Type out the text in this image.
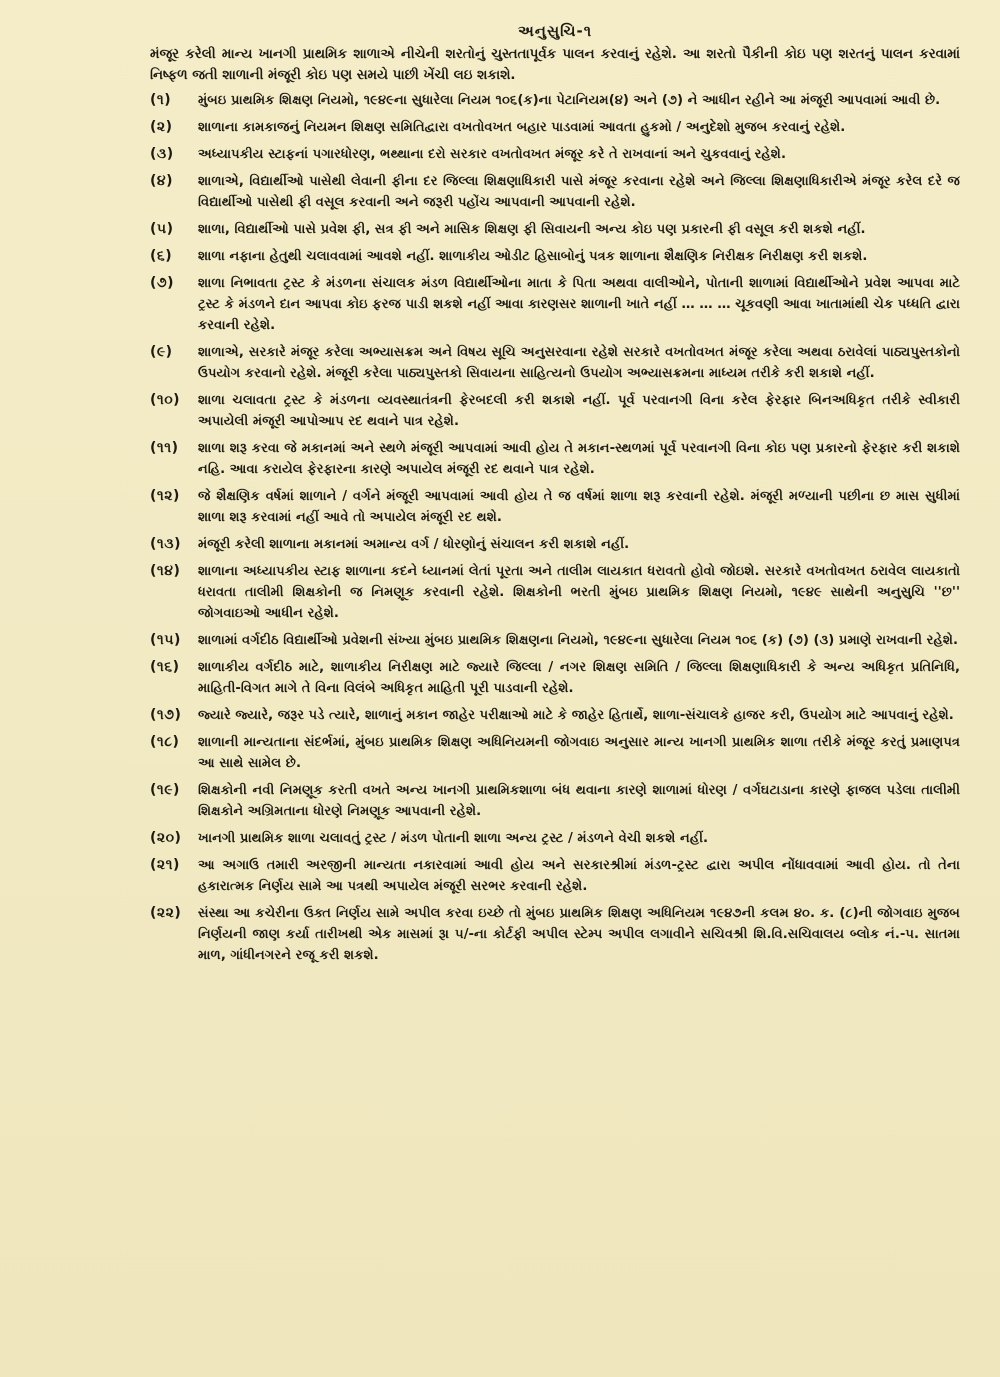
અનુસુચિ-૧
મંજૂર કરેલી માન્ય ખાનગી પ્રાથમિક શાળાએ નીચેની શરતોનું ચુસ્તતાપૂર્વક પાલન કરવાનું રહેશે. આ શરતો પૈકીની કોઇ પણ શરતનું પાલન કરવામાં નિષ્ફળ જતી શાળાની મંજૂરી કોઇ પણ સમયે પાછી ખેંચી લઇ શકાશે.
(૧)	મુંબઇ પ્રાથમિક શિક્ષણ નિયમો, ૧૯૪૯ના સુધારેલા નિયમ ૧૦૬(ક)ના પેટાનિયમ(૪) અને (૭) ને આધીન રહીને આ મંજૂરી આપવામાં આવી છે.
(૨)	શાળાના કામકાજનું નિયમન શિક્ષણ સમિતિદ્વારા વખતોવખત બહાર પાડવામાં આવતા હુકમો / અનુદેશો મુજબ કરવાનું રહેશે.
(૩)	અધ્યાપકીય સ્ટાફનાં પગારધોરણ, ભથ્થાના દરો સરકાર વખતોવખત મંજૂર કરે તે રાખવાનાં અને ચુકવવાનું રહેશે.
(૪)	શાળાએ, વિદ્યાર્થીઓ પાસેથી લેવાની ફીના દર જિલ્લા શિક્ષણાધિકારી પાસે મંજૂર કરવાના રહેશે અને જિલ્લા શિક્ષણાધિકારીએ મંજૂર કરેલ દરે જ વિદ્યાર્થીઓ પાસેથી ફી વસૂલ કરવાની અને જરૂરી પહોંચ આપવાની આપવાની રહેશે.
(૫)	શાળા, વિદ્યાર્થીઓ પાસે પ્રવેશ ફી, સત્ર ફી અને માસિક શિક્ષણ ફી સિવાયની અન્ય કોઇ પણ પ્રકારની ફી વસૂલ કરી શકશે નહીં.
(૬)	શાળા નફાના હેતુથી ચલાવવામાં આવશે નહીં. શાળાકીય ઓડીટ હિસાબોનું પત્રક શાળાના શૈક્ષણિક નિરીક્ષક નિરીક્ષણ કરી શકશે.
(૭)	શાળા નિભાવતા ટ્રસ્ટ કે મંડળના સંચાલક મંડળ વિદ્યાર્થીઓના માતા કે પિતા અથવા વાલીઓને, પોતાની શાળામાં વિદ્યાર્થીઓને પ્રવેશ આપવા માટે ટ્રસ્ટ કે મંડળને દાન આપવા કોઇ ફરજ પાડી શકશે નહીં આવા કારણસર શાળાની ખાતે નહીં … … … ચૂકવણી આવા ખાતામાંથી ચેક પધ્ધતિ દ્વારા કરવાની રહેશે.
(૯)	શાળાએ, સરકારે મંજૂર કરેલા અભ્યાસક્રમ અને વિષય સૂચિ અનુસરવાના રહેશે સરકારે વખતોવખત મંજૂર કરેલા અથવા ઠરાવેલાં પાઠ્યપુસ્તકોનો ઉપયોગ કરવાનો રહેશે. મંજૂરી કરેલા પાઠ્યપુસ્તકો સિવાયના સાહિત્યનો ઉપયોગ અભ્યાસક્રમના માધ્યમ તરીકે કરી શકાશે નહીં.
(૧૦)	શાળા ચલાવતા ટ્રસ્ટ કે મંડળના વ્યવસ્થાતંત્રની ફેરબદલી કરી શકાશે નહીં. પૂર્વ પરવાનગી વિના કરેલ ફેરફાર બિનઅધિકૃત તરીકે સ્વીકારી અપાયેલી મંજૂરી આપોઆપ રદ થવાને પાત્ર રહેશે.
(૧૧)	શાળા શરૂ કરવા જે મકાનમાં અને સ્થળે મંજૂરી આપવામાં આવી હોય તે મકાન-સ્થળમાં પૂર્વ પરવાનગી વિના કોઇ પણ પ્રકારનો ફેરફાર કરી શકાશે નહિ. આવા કરાયેલ ફેરફારના કારણે અપાયેલ મંજૂરી રદ થવાને પાત્ર રહેશે.
(૧૨)	જે શૈક્ષણિક વર્ષમાં શાળાને / વર્ગને મંજૂરી આપવામાં આવી હોય તે જ વર્ષમાં શાળા શરૂ કરવાની રહેશે. મંજૂરી મળ્યાની પછીના છ માસ સુધીમાં શાળા શરૂ કરવામાં નહીં આવે તો અપાયેલ મંજૂરી રદ થશે.
(૧૩)	મંજૂરી કરેલી શાળાના મકાનમાં અમાન્ય વર્ગ / ધોરણોનું સંચાલન કરી શકાશે નહીં.
(૧૪)	શાળાના અધ્યાપકીય સ્ટાફ શાળાના કદને ધ્યાનમાં લેતાં પૂરતા અને તાલીમ લાયકાત ધરાવતો હોવો જોઇશે. સરકારે વખતોવખત ઠરાવેલ લાયકાતો ધરાવતા તાલીમી શિક્ષકોની જ નિમણૂક કરવાની રહેશે. શિક્ષકોની ભરતી મુંબઇ પ્રાથમિક શિક્ષણ નિયમો, ૧૯૪૯ સાથેની અનુસુચિ ''છ'' જોગવાઇઓ આધીન રહેશે.
(૧૫)	શાળામાં વર્ગદીઠ વિદ્યાર્થીઓ પ્રવેશની સંખ્યા મુંબઇ પ્રાથમિક શિક્ષણના નિયમો, ૧૯૪૯ના સુધારેલા નિયમ ૧૦૬ (ક) (૭) (૩) પ્રમાણે રાખવાની રહેશે.
(૧૬)	શાળાકીય વર્ગદીઠ માટે, શાળાકીય નિરીક્ષણ માટે જ્યારે જિલ્લા / નગર શિક્ષણ સમિતિ / જિલ્લા શિક્ષણાધિકારી કે અન્ય અધિકૃત પ્રતિનિધિ, માહિતી-વિગત માગે તે વિના વિલંબે અધિકૃત માહિતી પૂરી પાડવાની રહેશે.
(૧૭)	જ્યારે જ્યારે, જરૂર પડે ત્યારે, શાળાનું મકાન જાહેર પરીક્ષાઓ માટે કે જાહેર હિતાર્થે, શાળા-સંચાલકે હાજર કરી, ઉપયોગ માટે આપવાનું રહેશે.
(૧૮)	શાળાની માન્યતાના સંદર્ભમાં, મુંબઇ પ્રાથમિક શિક્ષણ અધિનિયમની જોગવાઇ અનુસાર માન્ય ખાનગી પ્રાથમિક શાળા તરીકે મંજૂર કરતું પ્રમાણપત્ર આ સાથે સામેલ છે.
(૧૯)	શિક્ષકોની નવી નિમણૂક કરતી વખતે અન્ય ખાનગી પ્રાથમિકશાળા બંધ થવાના કારણે શાળામાં ધોરણ / વર્ગઘટાડાના કારણે ફાજલ પડેલા તાલીમી શિક્ષકોને અગ્રિમતાના ધોરણે નિમણૂક આપવાની રહેશે.
(૨૦)	ખાનગી પ્રાથમિક શાળા ચલાવતું ટ્રસ્ટ / મંડળ પોતાની શાળા અન્ય ટ્રસ્ટ / મંડળને વેચી શકશે નહીં.
(૨૧)	આ અગાઉ તમારી અરજીની માન્યતા નકારવામાં આવી હોય અને સરકારશ્રીમાં મંડળ-ટ્રસ્ટ દ્વારા અપીલ નોંધાવવામાં આવી હોય. તો તેના હકારાત્મક નિર્ણય સામે આ પત્રથી અપાયેલ મંજૂરી સરભર કરવાની રહેશે.
(૨૨)	સંસ્થા આ કચેરીના ઉક્ત નિર્ણય સામે અપીલ કરવા ઇચ્છે તો મુંબઇ પ્રાથમિક શિક્ષણ અધિનિયમ ૧૯૪૭ની કલમ ૪૦. ક. (૮)ની જોગવાઇ મુજબ નિર્ણયની જાણ કર્યા તારીખથી એક માસમાં રૂ। ૫/-ના કોર્ટફી અપીલ સ્ટેમ્પ અપીલ લગાવીને સચિવશ્રી શિ.વિ.સચિવાલય બ્લોક નં.-૫. સાતમા માળ, ગાંધીનગરને રજૂ કરી શકશે.
